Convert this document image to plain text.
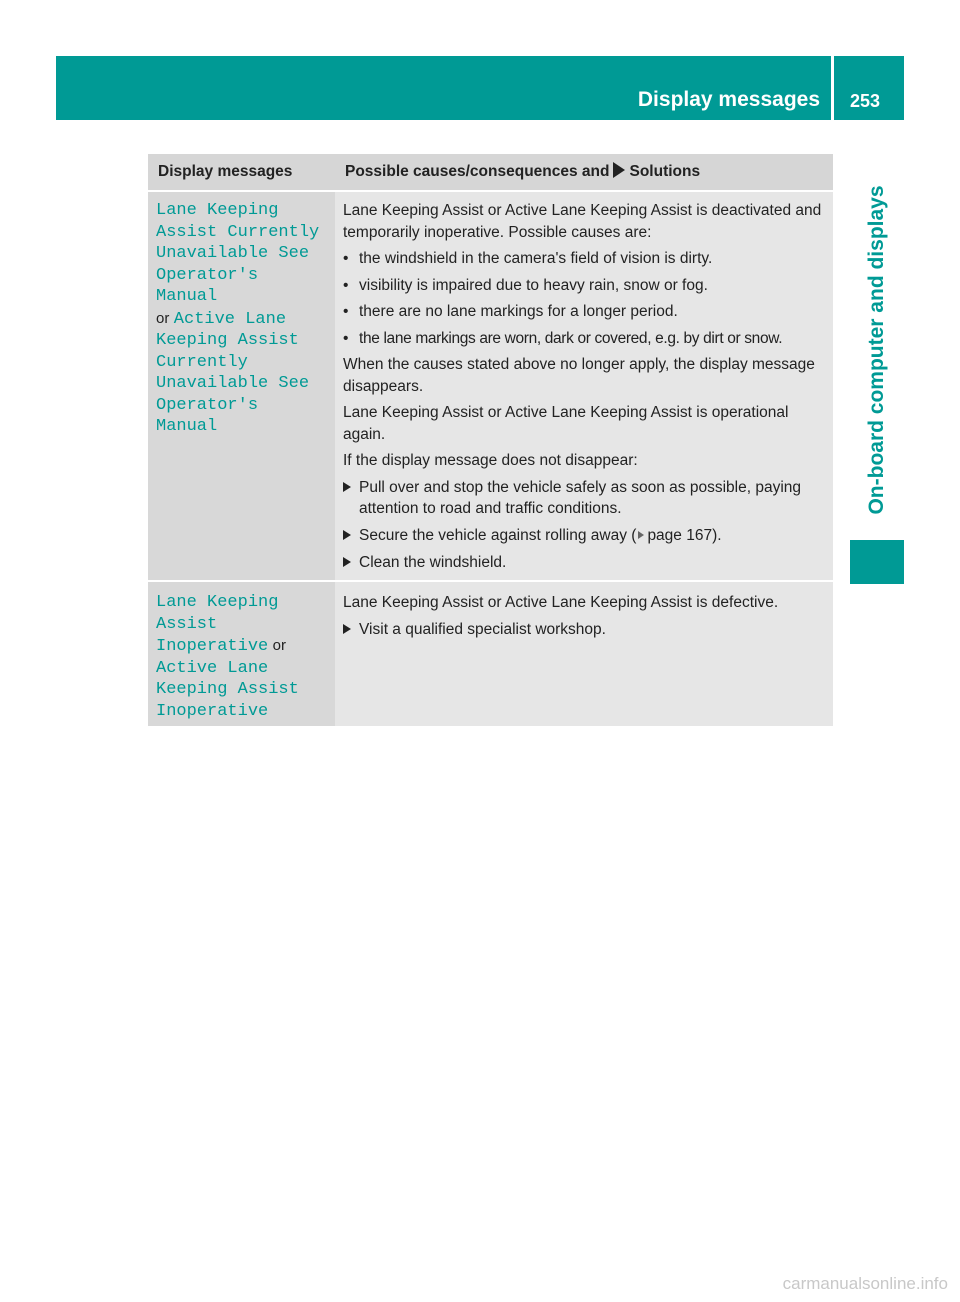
Display messages 253
On-board computer and displays
Display messages	Possible causes/consequences and Solutions
Lane Keeping
Assist Currently
Unavailable See
Operator's Manual
or Active Lane
Keeping Assist
Currently
Unavailable See
Operator's Manual

Lane Keeping Assist or Active Lane Keeping Assist is deactivated and temporarily inoperative. Possible causes are:

• the windshield in the camera's field of vision is dirty.
• visibility is impaired due to heavy rain, snow or fog.
• there are no lane markings for a longer period.
• the lane markings are worn, dark or covered, e.g. by dirt or snow.

When the causes stated above no longer apply, the display message disappears.

Lane Keeping Assist or Active Lane Keeping Assist is operational again.

If the display message does not disappear:

Pull over and stop the vehicle safely as soon as possible, paying attention to road and traffic conditions.
Secure the vehicle against rolling away ( page 167).
Clean the windshield.
Lane Keeping
Assist
Inoperative or
Active Lane
Keeping Assist
Inoperative

Lane Keeping Assist or Active Lane Keeping Assist is defective.

Visit a qualified specialist workshop.
carmanualsonline.info
